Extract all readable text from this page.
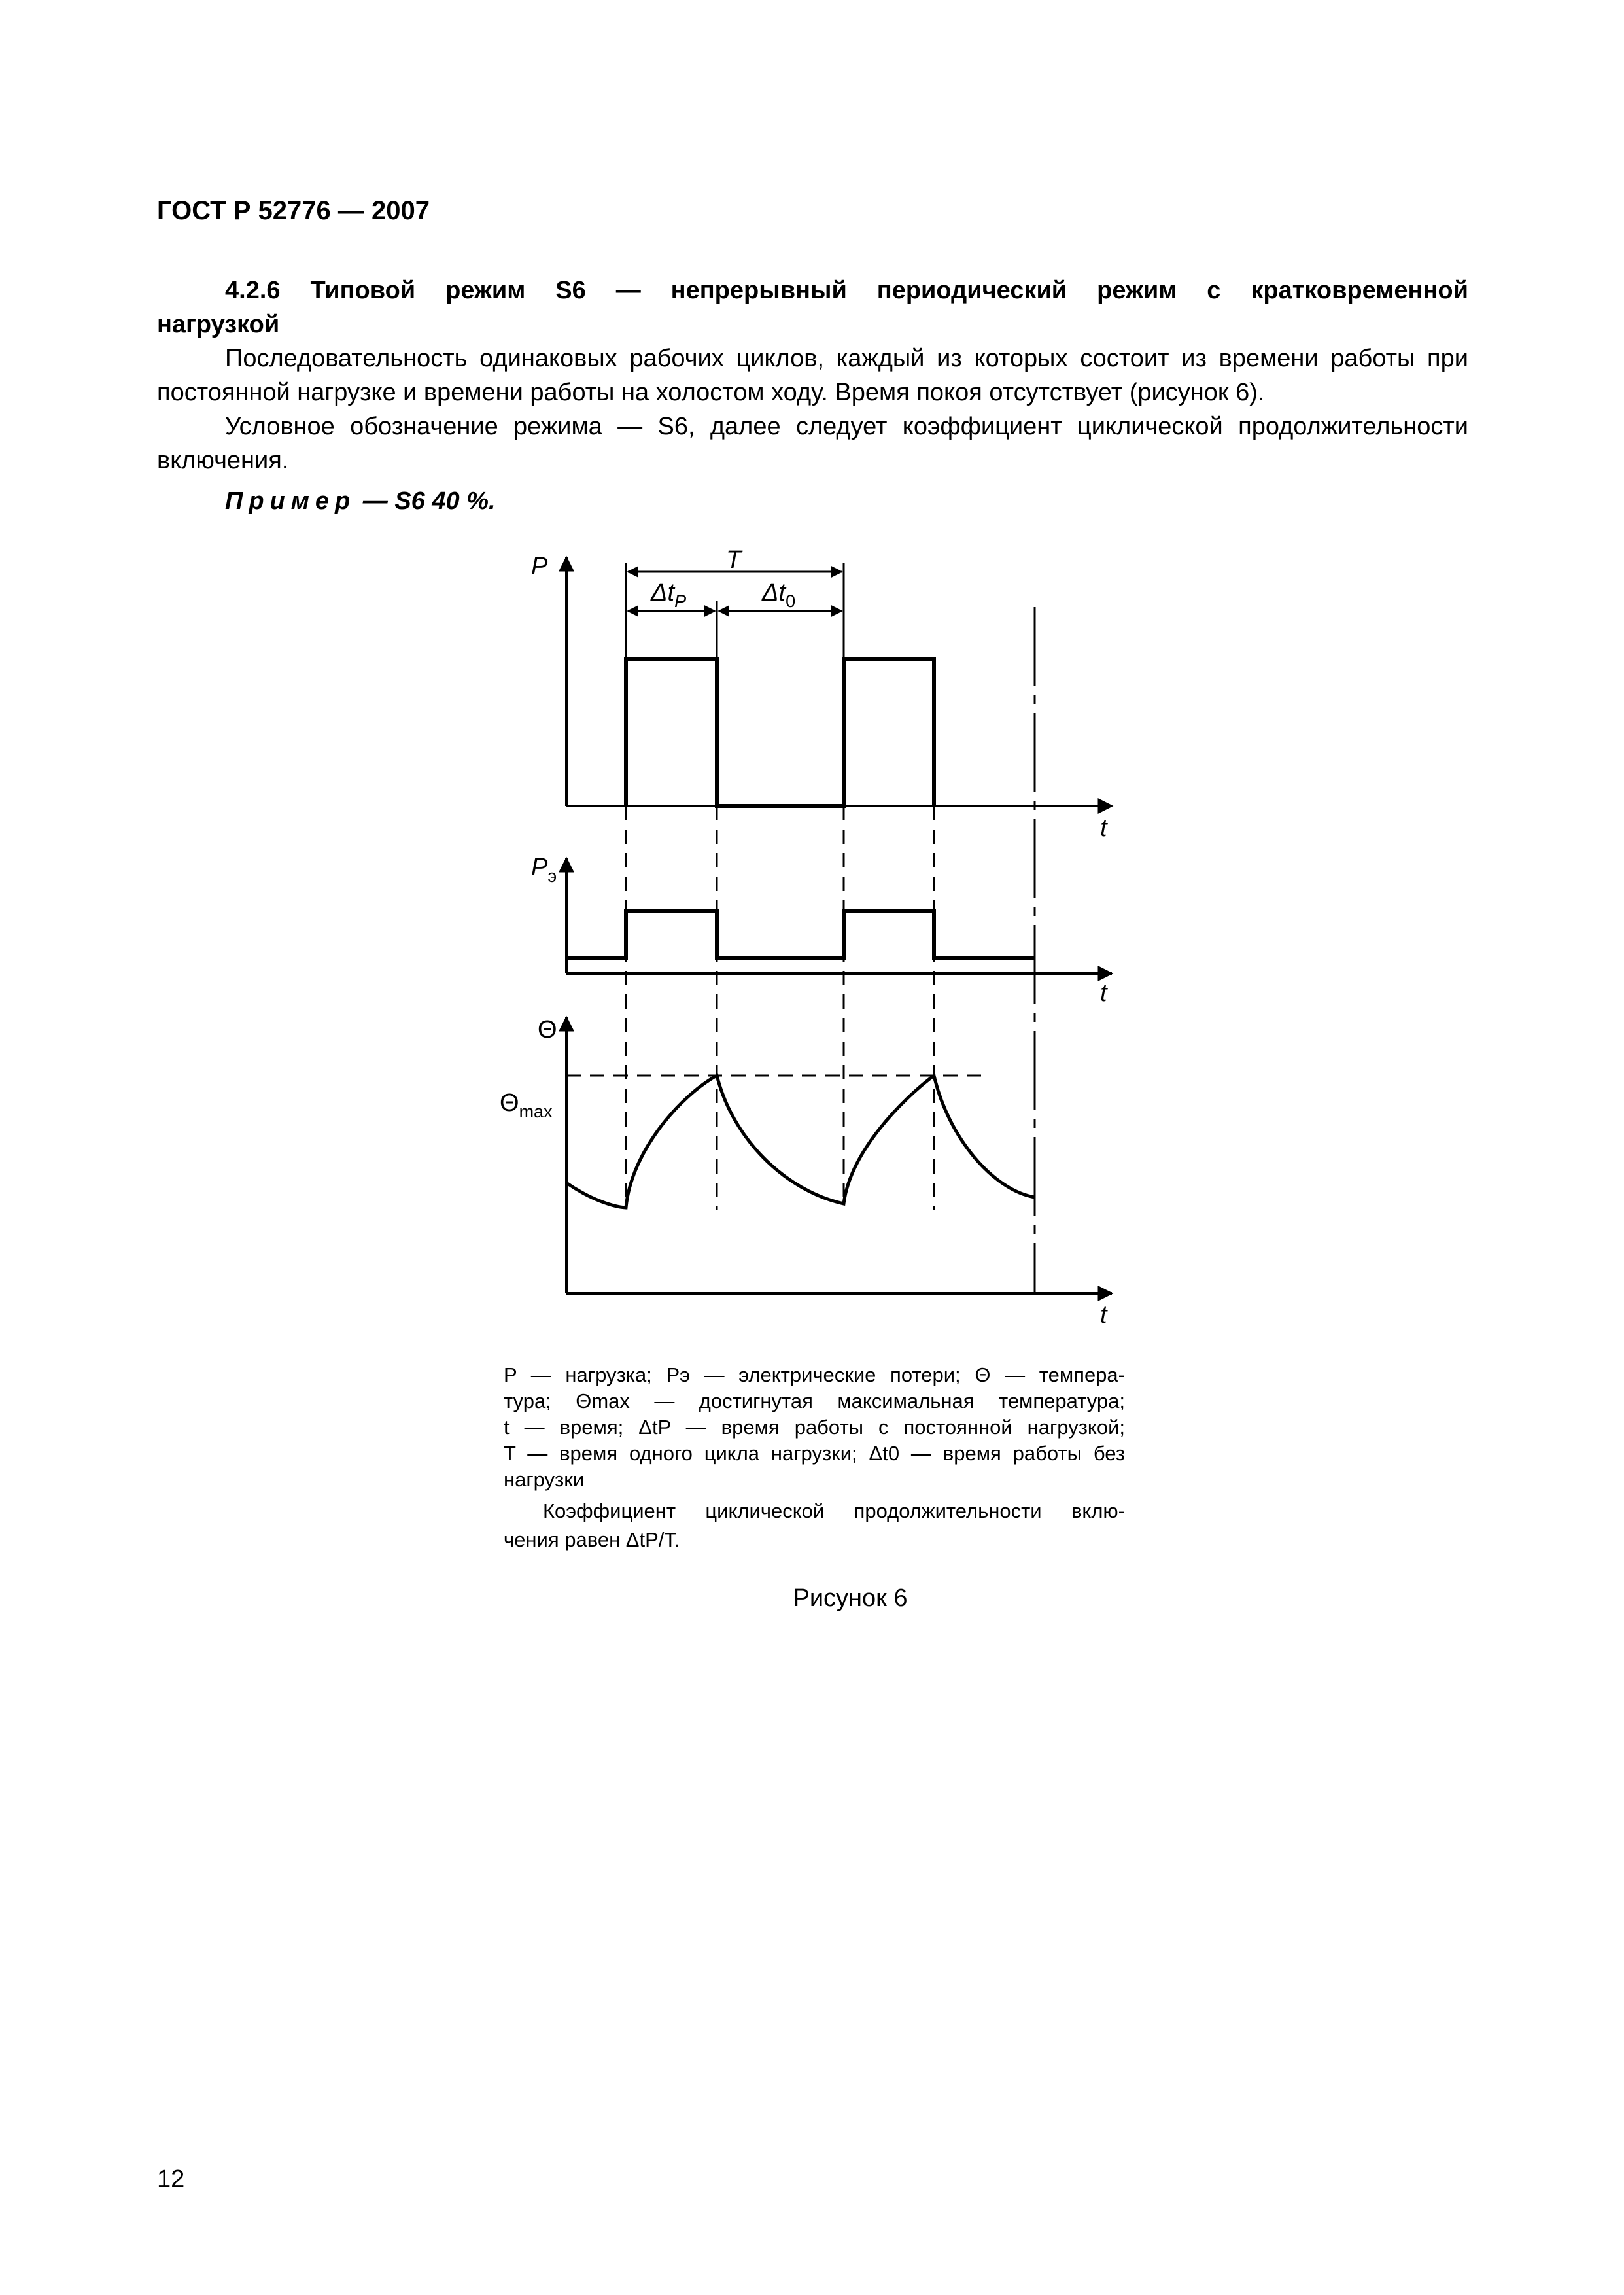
ГОСТ Р 52776 — 2007
4.2.6 Типовой режим S6 — непрерывный периодический режим с кратковременной
нагрузкой
Последовательность одинаковых рабочих циклов, каждый из которых состоит из времени работы при
постоянной нагрузке и времени работы на холостом ходу. Время покоя отсутствует (рисунок 6).
Условное обозначение режима — S6, далее следует коэффициент циклической продолжительности
включения.
Пример — S6 40 %.
P	T
$\Delta t_P$	$\Delta t_0$
t
$P_э$
t
Θ
$\Theta_{max}$
t
P — нагрузка; Pэ — электрические потери; Θ — темпера-
тура; Θmax — достигнутая максимальная температура;
t — время; ΔtP — время работы с постоянной нагрузкой;
T — время одного цикла нагрузки; Δt0 — время работы без
нагрузки
Коэффициент циклической продолжительности вклю-
чения равен ΔtP/T.
Рисунок 6
12
